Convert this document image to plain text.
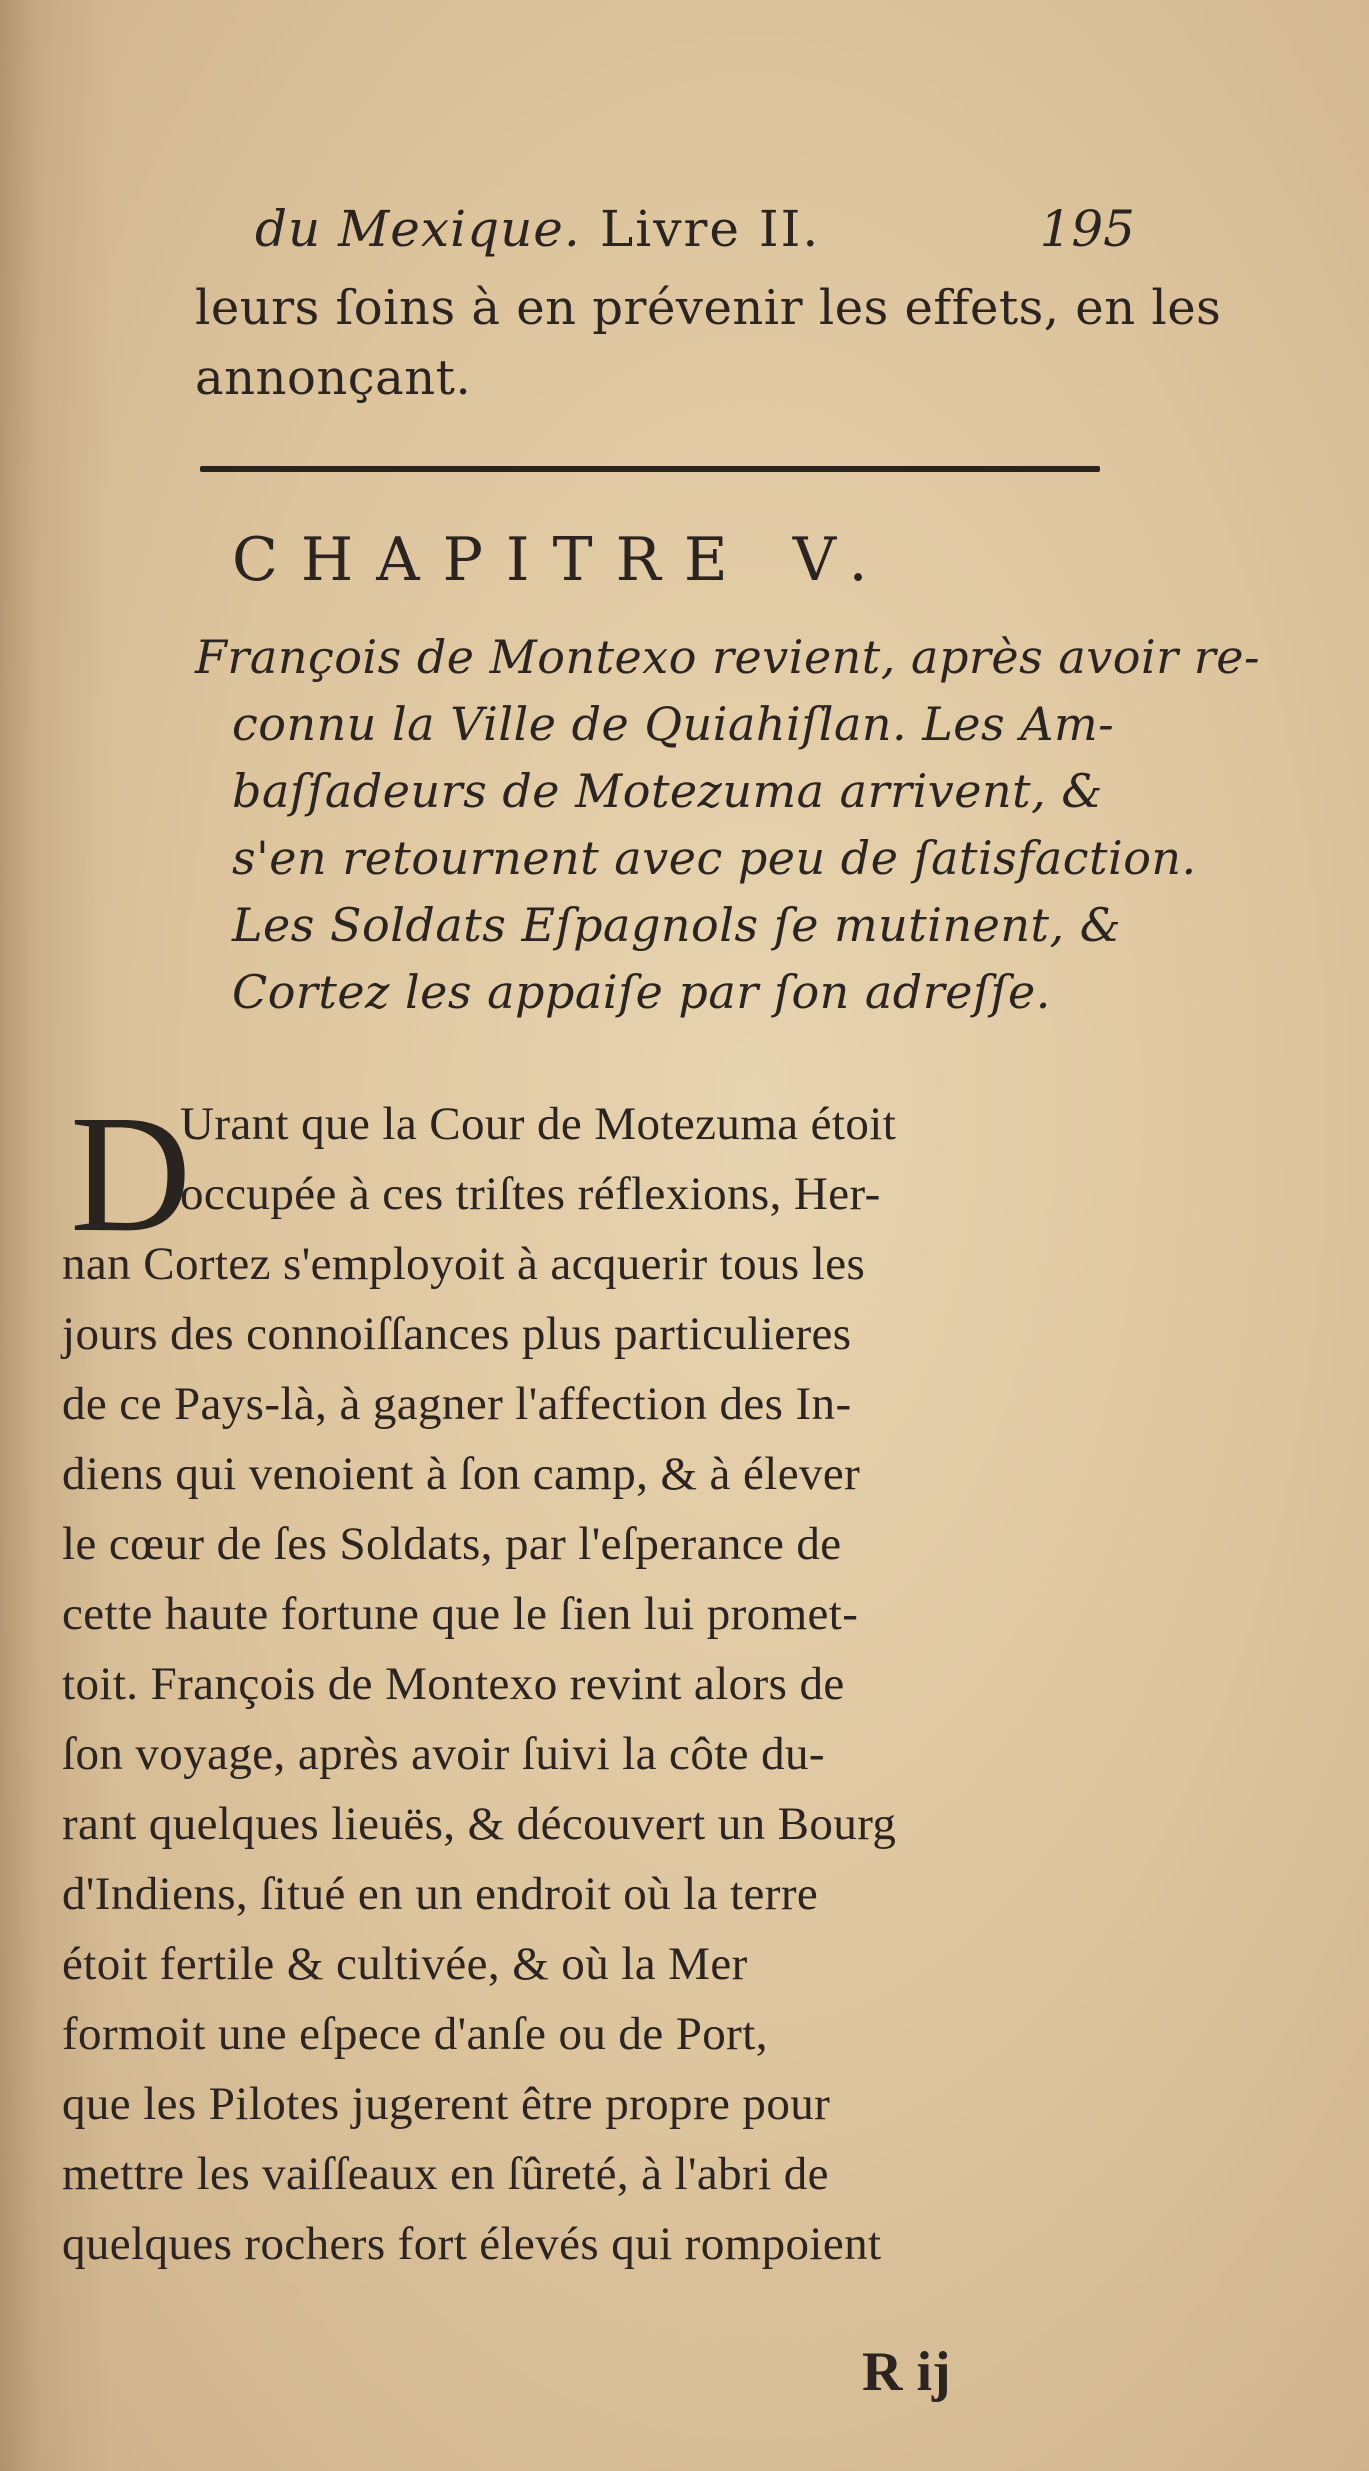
du Mexique. Livre II.	195
leurs ſoins à en prévenir les effets, en les
annonçant.
CHAPITRE V.
François de Montexo revient, après avoir re-
connu la Ville de Quiahiſlan. Les Am-
baſſadeurs de Motezuma arrivent, &
s'en retournent avec peu de ſatisfaction.
Les Soldats Eſpagnols ſe mutinent, &
Cortez les appaiſe par ſon adreſſe.
D
Urant que la Cour de Motezuma étoit
occupée à ces triſtes réflexions, Her-
nan Cortez s'employoit à acquerir tous les
jours des connoiſſances plus particulieres
de ce Pays-là, à gagner l'affection des In-
diens qui venoient à ſon camp, & à élever
le cœur de ſes Soldats, par l'eſperance de
cette haute fortune que le ſien lui promet-
toit. François de Montexo revint alors de
ſon voyage, après avoir ſuivi la côte du-
rant quelques lieuës, & découvert un Bourg
d'Indiens, ſitué en un endroit où la terre
étoit fertile & cultivée, & où la Mer
formoit une eſpece d'anſe ou de Port,
que les Pilotes jugerent être propre pour
mettre les vaiſſeaux en ſûreté, à l'abri de
quelques rochers fort élevés qui rompoient
R ij
